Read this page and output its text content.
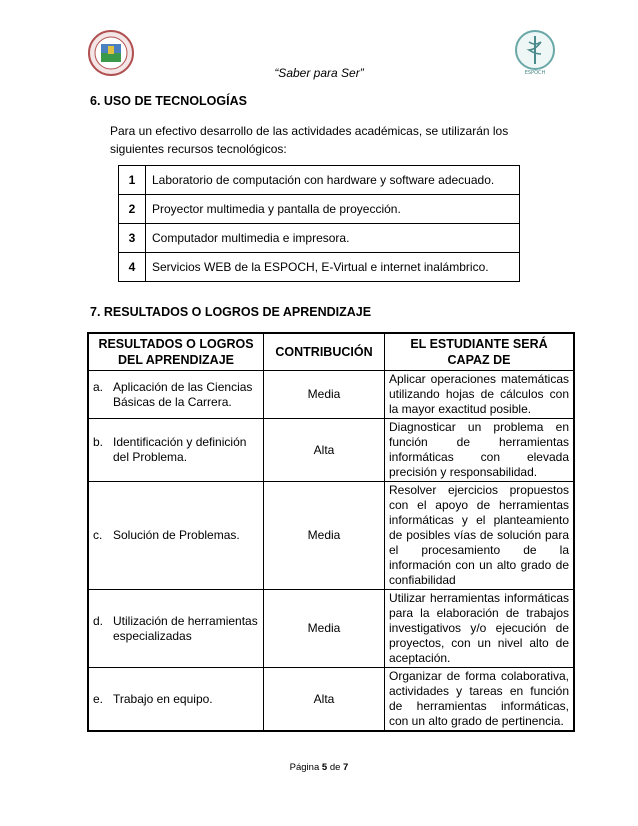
ESPOCH
“Saber para Ser”
6. USO DE TECNOLOGÍAS
Para un efectivo desarrollo de las actividades académicas, se utilizarán los siguientes recursos tecnológicos:
1	Laboratorio de computación con hardware y software adecuado.
2	Proyector multimedia y pantalla de proyección.
3	Computador multimedia e impresora.
4	Servicios WEB de la ESPOCH, E-Virtual e internet inalámbrico.
7. RESULTADOS O LOGROS DE APRENDIZAJE
RESULTADOS O LOGROS DEL APRENDIZAJE	CONTRIBUCIÓN	EL ESTUDIANTE SERÁ CAPAZ DE

a. Aplicación de las Ciencias Básicas de la Carrera.	Media	Aplicar operaciones matemáticas utilizando hojas de cálculos con la mayor exactitud posible.

b. Identificación y definición del Problema.	Alta	Diagnosticar un problema en función de herramientas informáticas con elevada precisión y responsabilidad.

c. Solución de Problemas.	Media	Resolver ejercicios propuestos con el apoyo de herramientas informáticas y el planteamiento de posibles vías de solución para el procesamiento de la información con un alto grado de confiabilidad

d. Utilización de herramientas especializadas	Media	Utilizar herramientas informáticas para la elaboración de trabajos investigativos y/o ejecución de proyectos, con un nivel alto de aceptación.

e. Trabajo en equipo.	Alta	Organizar de forma colaborativa, actividades y tareas en función de herramientas informáticas, con un alto grado de pertinencia.
Página 5 de 7
